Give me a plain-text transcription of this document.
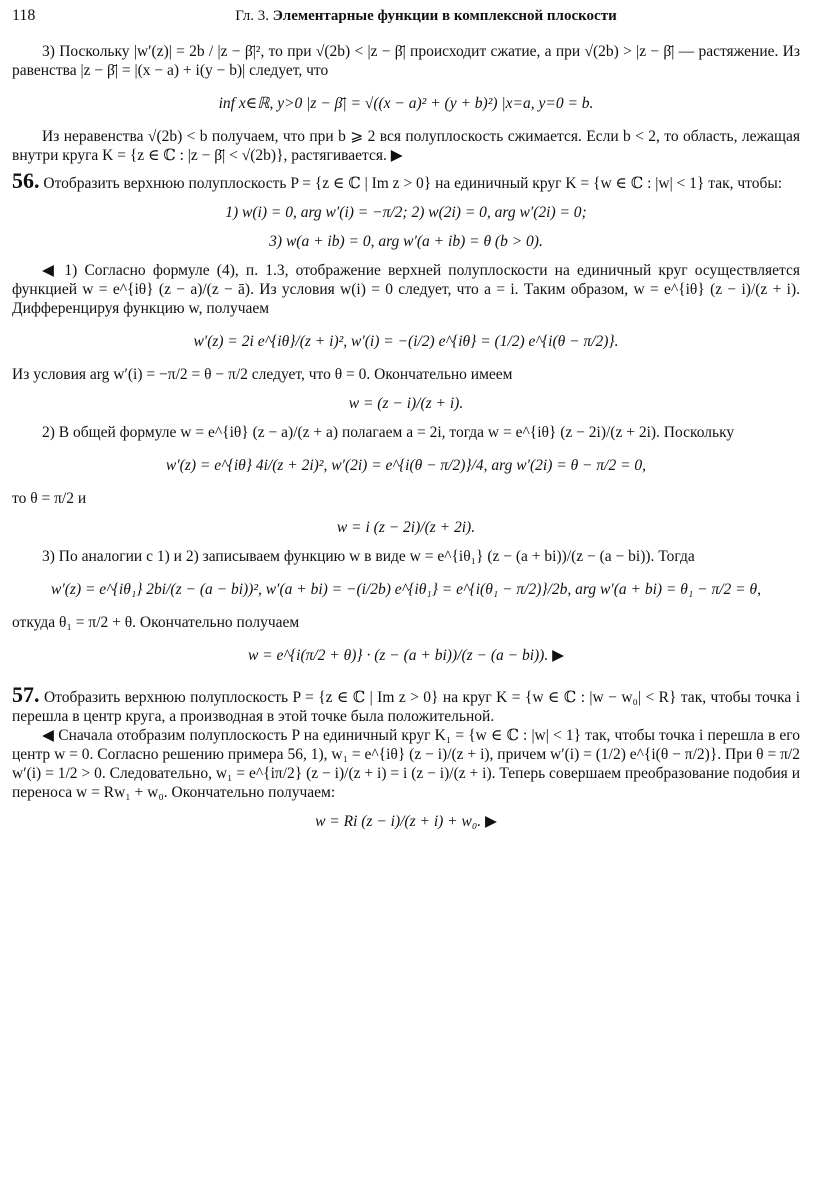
118	Гл. 3. Элементарные функции в комплексной плоскости

3) Поскольку |w′(z)| = 2b / |z − β̄|², то при √(2b) < |z − β̄| происходит сжатие, а при √(2b) > |z − β̄| — растяжение. Из равенства |z − β̄| = |(x − a) + i(y − b)| следует, что

inf x∈ℝ, y>0 |z − β̄| = √((x − a)² + (y + b)²) |x=a, y=0 = b.

Из неравенства √(2b) < b получаем, что при b ⩾ 2 вся полуплоскость сжимается. Если b < 2, то область, лежащая внутри круга K = {z ∈ ℂ : |z − β̄| < √(2b)}, растягивается. ▶

56. Отобразить верхнюю полуплоскость P = {z ∈ ℂ | Im z > 0} на единичный круг K = {w ∈ ℂ : |w| < 1} так, чтобы:

1) w(i) = 0, arg w′(i) = −π/2; 2) w(2i) = 0, arg w′(2i) = 0;
3) w(a + ib) = 0, arg w′(a + ib) = θ (b > 0).

◀ 1) Согласно формуле (4), п. 1.3, отображение верхней полуплоскости на единичный круг осуществляется функцией w = e^{iθ} (z − a)/(z − ā). Из условия w(i) = 0 следует, что a = i. Таким образом, w = e^{iθ} (z − i)/(z + i). Дифференцируя функцию w, получаем

w′(z) = 2i e^{iθ}/(z + i)², w′(i) = −(i/2) e^{iθ} = (1/2) e^{i(θ − π/2)}.

Из условия arg w′(i) = −π/2 = θ − π/2 следует, что θ = 0. Окончательно имеем

w = (z − i)/(z + i).

2) В общей формуле w = e^{iθ} (z − a)/(z + a) полагаем a = 2i, тогда w = e^{iθ} (z − 2i)/(z + 2i). Поскольку

w′(z) = e^{iθ} 4i/(z + 2i)², w′(2i) = e^{i(θ − π/2)}/4, arg w′(2i) = θ − π/2 = 0,

то θ = π/2 и

w = i (z − 2i)/(z + 2i).

3) По аналогии с 1) и 2) записываем функцию w в виде w = e^{iθ₁} (z − (a + bi))/(z − (a − bi)). Тогда

w′(z) = e^{iθ₁} 2bi/(z − (a − bi))², w′(a + bi) = −(i/2b) e^{iθ₁} = e^{i(θ₁ − π/2)}/2b, arg w′(a + bi) = θ₁ − π/2 = θ,

откуда θ₁ = π/2 + θ. Окончательно получаем

w = e^{i(π/2 + θ)} · (z − (a + bi))/(z − (a − bi)). ▶

57. Отобразить верхнюю полуплоскость P = {z ∈ ℂ | Im z > 0} на круг K = {w ∈ ℂ : |w − w₀| < R} так, чтобы точка i перешла в центр круга, а производная в этой точке была положительной.

◀ Сначала отобразим полуплоскость P на единичный круг K₁ = {w ∈ ℂ : |w| < 1} так, чтобы точка i перешла в его центр w = 0. Согласно решению примера 56, 1), w₁ = e^{iθ} (z − i)/(z + i), причем w′(i) = (1/2) e^{i(θ − π/2)}. При θ = π/2 w′(i) = 1/2 > 0. Следовательно, w₁ = e^{iπ/2} (z − i)/(z + i) = i (z − i)/(z + i). Теперь совершаем преобразование подобия и переноса w = Rw₁ + w₀. Окончательно получаем:

w = Ri (z − i)/(z + i) + w₀. ▶
